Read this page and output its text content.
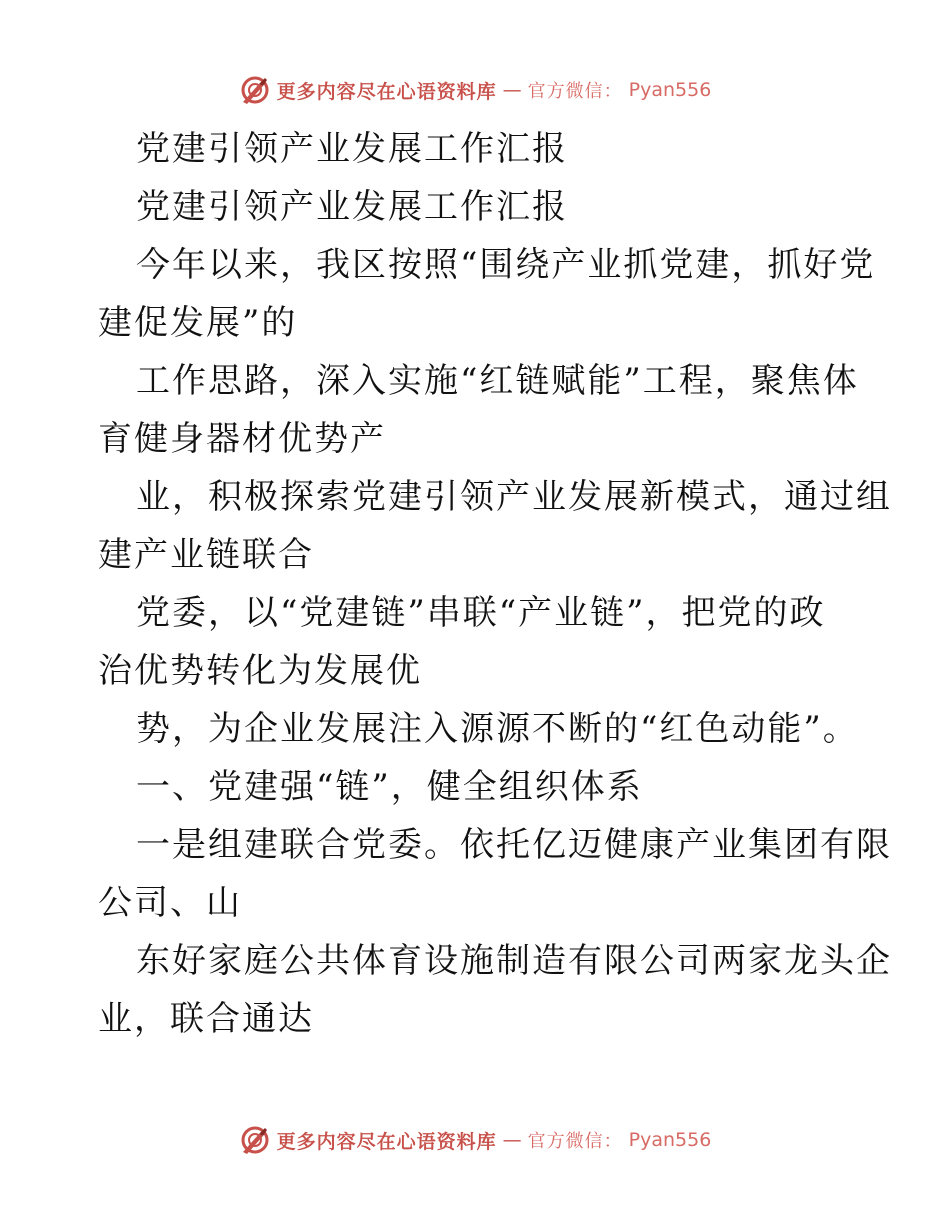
更多内容尽在心语资料库 — 官方微信： Pyan556
党建引领产业发展工作汇报
党建引领产业发展工作汇报
今年以来，我区按照“围绕产业抓党建，抓好党
建促发展”的
工作思路，深入实施“红链赋能”工程，聚焦体
育健身器材优势产
业，积极探索党建引领产业发展新模式，通过组
建产业链联合
党委，以“党建链”串联“产业链”，把党的政
治优势转化为发展优
势，为企业发展注入源源不断的“红色动能”。
一、党建强“链”，健全组织体系
一是组建联合党委。依托亿迈健康产业集团有限
公司、山
东好家庭公共体育设施制造有限公司两家龙头企
业，联合通达
更多内容尽在心语资料库 — 官方微信： Pyan556
